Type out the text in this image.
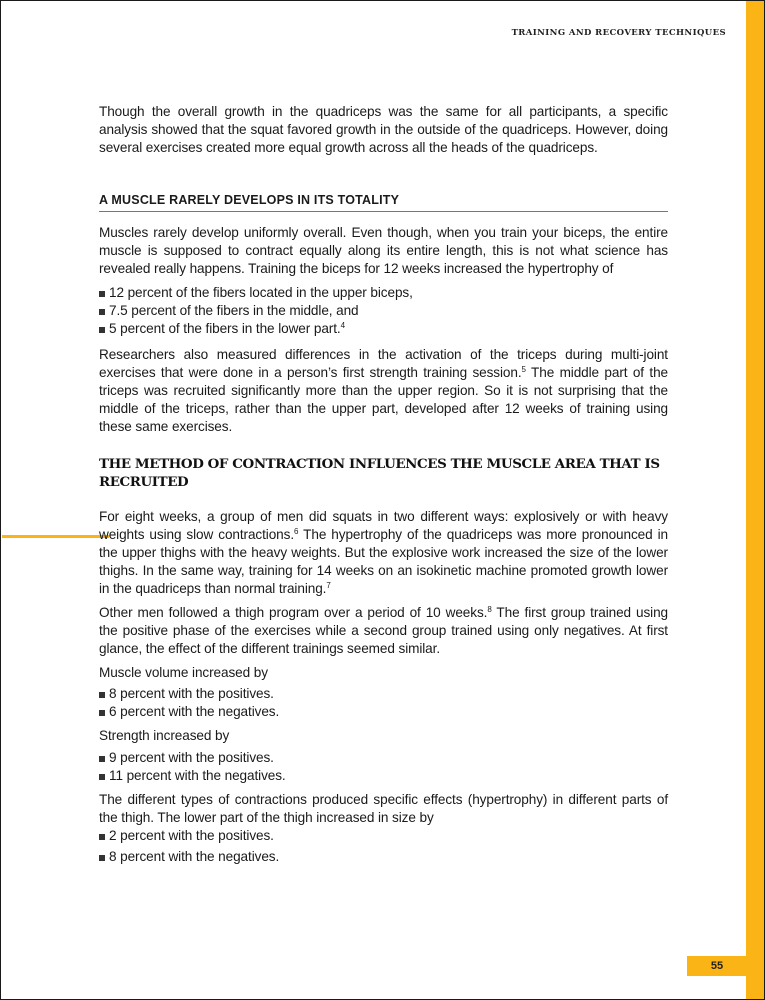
TRAINING AND RECOVERY TECHNIQUES

Though the overall growth in the quadriceps was the same for all participants, a specific analysis showed that the squat favored growth in the outside of the quadriceps. However, doing several exercises created more equal growth across all the heads of the quadriceps.

A MUSCLE RARELY DEVELOPS IN ITS TOTALITY

Muscles rarely develop uniformly overall. Even though, when you train your biceps, the entire muscle is supposed to contract equally along its entire length, this is not what science has revealed really happens. Training the biceps for 12 weeks increased the hypertrophy of

12 percent of the fibers located in the upper biceps,
7.5 percent of the fibers in the middle, and
5 percent of the fibers in the lower part.$^4$

Researchers also measured differences in the activation of the triceps during multi-joint exercises that were done in a person’s first strength training session.$^5$ The middle part of the triceps was recruited significantly more than the upper region. So it is not surprising that the middle of the triceps, rather than the upper part, developed after 12 weeks of training using these same exercises.

THE METHOD OF CONTRACTION INFLUENCES THE MUSCLE AREA THAT IS RECRUITED

For eight weeks, a group of men did squats in two different ways: explosively or with heavy weights using slow contractions.$^6$ The hypertrophy of the quadriceps was more pronounced in the upper thighs with the heavy weights. But the explosive work increased the size of the lower thighs. In the same way, training for 14 weeks on an isokinetic machine promoted growth lower in the quadriceps than normal training.$^7$

Other men followed a thigh program over a period of 10 weeks.$^8$ The first group trained using the positive phase of the exercises while a second group trained using only negatives. At first glance, the effect of the different trainings seemed similar.

Muscle volume increased by

8 percent with the positives.
6 percent with the negatives.

Strength increased by

9 percent with the positives.
11 percent with the negatives.

The different types of contractions produced specific effects (hypertrophy) in different parts of the thigh. The lower part of the thigh increased in size by

2 percent with the positives.
8 percent with the negatives.
55
